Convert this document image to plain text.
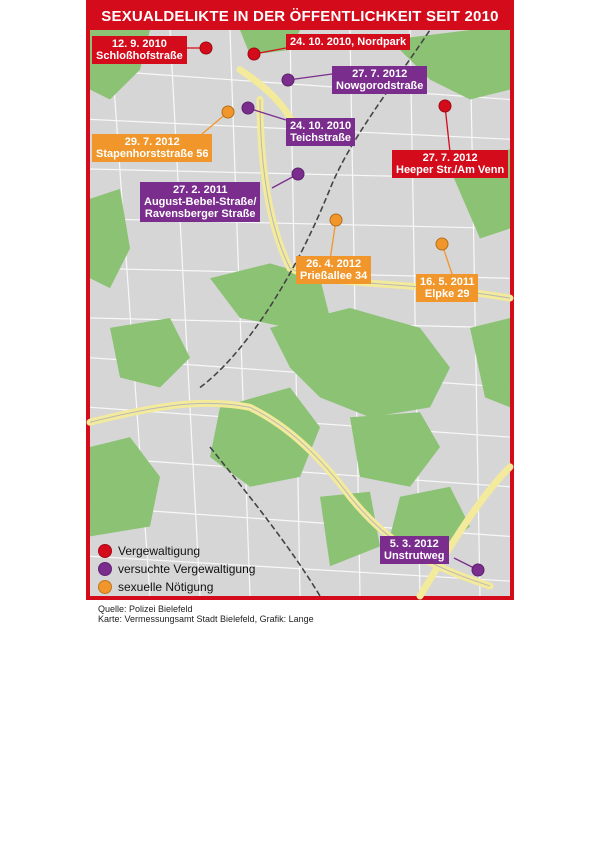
SEXUALDELIKTE IN DER ÖFFENTLICHKEIT SEIT 2010
12. 9. 2010
Schloßhofstraße
24. 10. 2010, Nordpark
27. 7. 2012
Nowgorodstraße
27. 7. 2012
Heeper Str./Am Venn
29. 7. 2012
Stapenhorststraße 56
24. 10. 2010
Teichstraße
27. 2. 2011
August-Bebel-Straße/
Ravensberger Straße
26. 4. 2012
Prießallee 34	16. 5. 2011
Elpke 29
5. 3. 2012
Unstrutweg
Vergewaltigung
versuchte Vergewaltigung
sexuelle Nötigung
Quelle: Polizei Bielefeld
Karte: Vermessungsamt Stadt Bielefeld, Grafik: Lange
